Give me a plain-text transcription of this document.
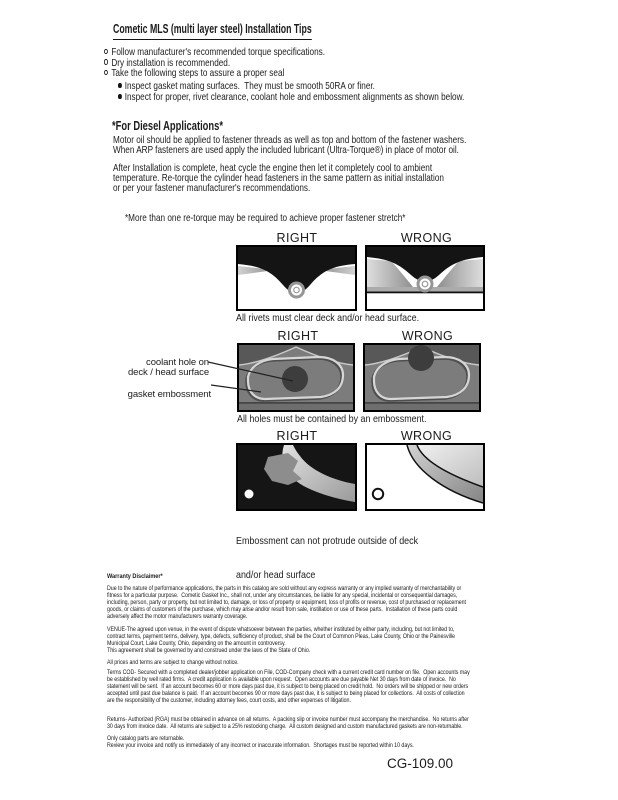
Cometic MLS (multi layer steel) Installation Tips
Follow manufacturer's recommended torque specifications.
Dry installation is recommended.
Take the following steps to assure a proper seal
Inspect gasket mating surfaces.  They must be smooth 50RA or finer.
Inspect for proper, rivet clearance, coolant hole and embossment alignments as shown below.
*For Diesel Applications*
Motor oil should be applied to fastener threads as well as top and bottom of the fastener washers.
When ARP fasteners are used apply the included lubricant (Ultra-Torque®) in place of motor oil.
After Installation is complete, heat cycle the engine then let it completely cool to ambient
temperature. Re-torque the cylinder head fasteners in the same pattern as initial installation
or per your fastener manufacturer's recommendations.

*More than one re-torque may be required to achieve proper fastener stretch*

RIGHT	WRONG
All rivets must clear deck and/or head surface.
RIGHT	WRONG
All holes must be contained by an embossment.

coolant hole on

deck / head surface

gasket embossment

RIGHT	WRONG

Embossment can not protrude outside of deck

and/or head surface

Warranty Disclaimer*
Due to the nature of performance applications, the parts in this catalog are sold without any express warranty or any implied warranty of merchantability or
fitness for a particular purpose.  Cometic Gasket Inc., shall not, under any circumstances, be liable for any special, incidental or consequential damages,
including, person, party or property, but not limited to, damage, or loss of property or equipment, loss of profits or revenue, cost of purchased or replacement
goods, or claims of customers of the purchase, which may arise and/or result from sale, instillation or use of these parts.  Installation of these parts could
adversely affect the motor manufacturers warranty coverage.
VENUE-The agreed upon venue, in the event of dispute whatsoever between the parties, whether instituted by either party, including, but not limited to,
contract terms, payment terms, delivery, type, defects, sufficiency of product, shall be the Court of Common Pleas, Lake County, Ohio or the Painesville
Municipal Court, Lake County, Ohio, depending on the amount in controversy.
This agreement shall be governed by and construed under the laws of the State of Ohio.
All prices and terms are subject to change without notice.
Terms COD- Secured with a completed dealer/jobber application on File, COD-Company check with a current credit card number on file.  Open accounts may
be established by well rated firms.  A credit application is available upon request.  Open accounts are due payable Net 30 days from date of invoice.  No
statement will be sent.  If an account becomes 60 or more days past due, it is subject to being placed on credit hold.  No orders will be shipped or new orders
accepted until past due balance is paid.  If an account becomes 90 or more days past due, it is subject to being placed for collections.  All costs of collection
are the responsibility of the customer, including attorney fees, court costs, and other expenses of litigation.
Returns- Authorized (RGA) must be obtained in advance on all returns.  A packing slip or invoice number must accompany the merchandise.  No returns after
30 days from invoice date.  All returns are subject to a 25% restocking charge.  All custom designed and custom manufactured gaskets are non-returnable.
Only catalog parts are returnable.
Review your invoice and notify us immediately of any incorrect or inaccurate information.  Shortages must be reported within 10 days.
CG-109.00
